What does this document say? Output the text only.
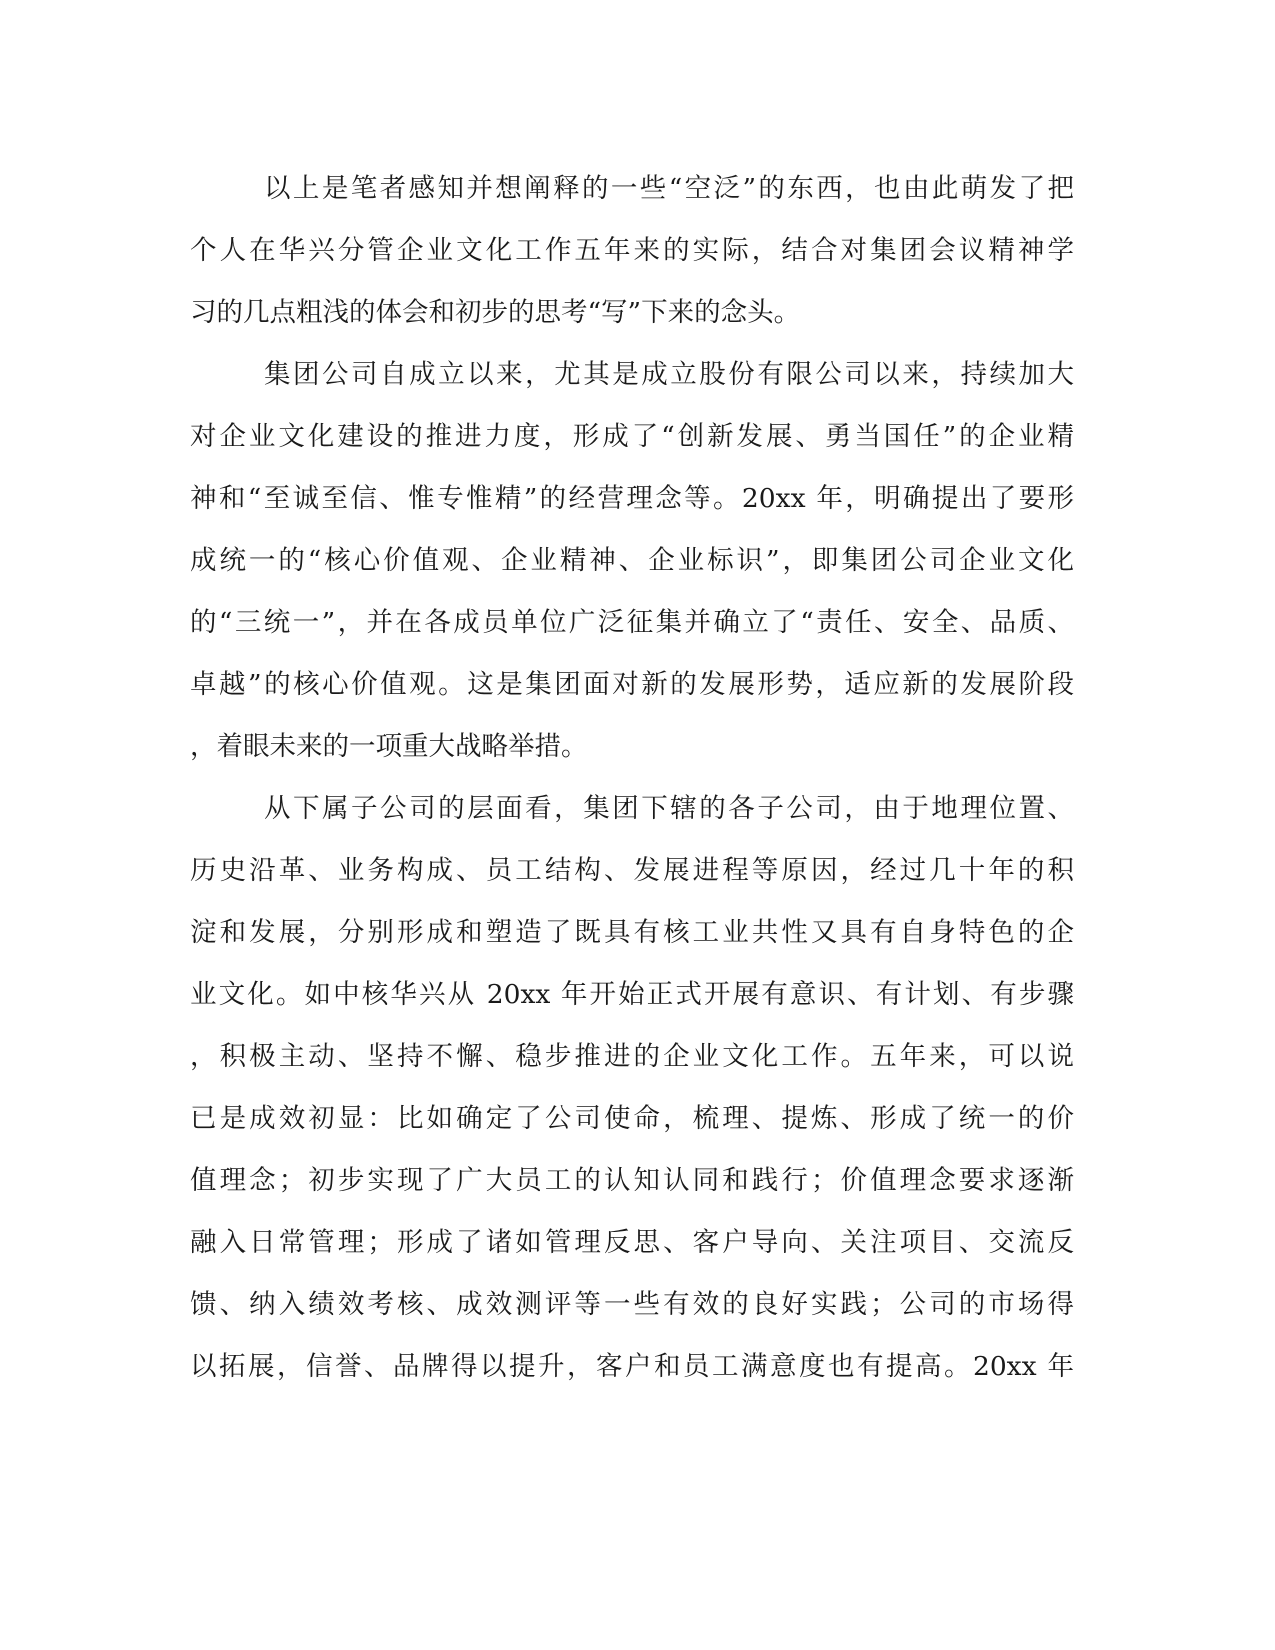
以上是笔者感知并想阐释的一些“空泛”的东西，也由此萌发了把
个人在华兴分管企业文化工作五年来的实际，结合对集团会议精神学
习的几点粗浅的体会和初步的思考“写”下来的念头。
集团公司自成立以来，尤其是成立股份有限公司以来，持续加大
对企业文化建设的推进力度，形成了“创新发展、勇当国任”的企业精
神和“至诚至信、惟专惟精”的经营理念等。20xx 年，明确提出了要形
成统一的“核心价值观、企业精神、企业标识”，即集团公司企业文化
的“三统一”，并在各成员单位广泛征集并确立了“责任、安全、品质、
卓越”的核心价值观。这是集团面对新的发展形势，适应新的发展阶段
，着眼未来的一项重大战略举措。
从下属子公司的层面看，集团下辖的各子公司，由于地理位置、
历史沿革、业务构成、员工结构、发展进程等原因，经过几十年的积
淀和发展，分别形成和塑造了既具有核工业共性又具有自身特色的企
业文化。如中核华兴从 20xx 年开始正式开展有意识、有计划、有步骤
，积极主动、坚持不懈、稳步推进的企业文化工作。五年来，可以说
已是成效初显：比如确定了公司使命，梳理、提炼、形成了统一的价
值理念；初步实现了广大员工的认知认同和践行；价值理念要求逐渐
融入日常管理；形成了诸如管理反思、客户导向、关注项目、交流反
馈、纳入绩效考核、成效测评等一些有效的良好实践；公司的市场得
以拓展，信誉、品牌得以提升，客户和员工满意度也有提高。20xx 年
